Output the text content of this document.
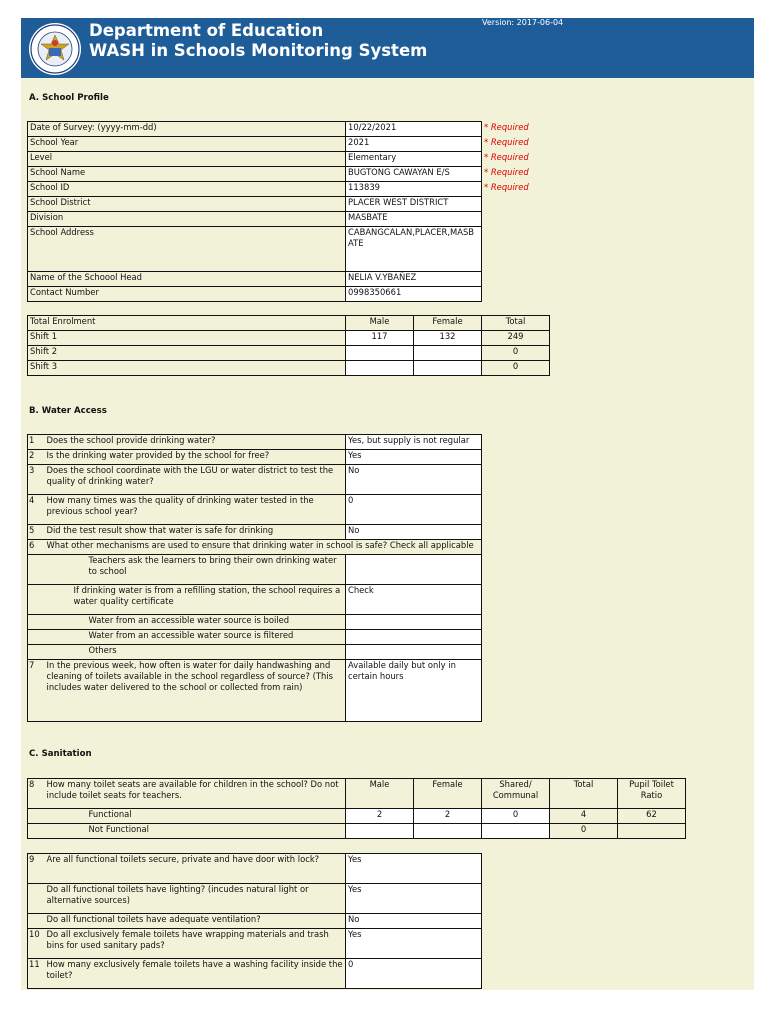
Department of Education
WASH in Schools Monitoring System
Version: 2017-06-04
A. School Profile
Date of Survey: (yyyy-mm-dd)	10/22/2021	* Required
School Year	2021	* Required
Level	Elementary	* Required
School Name	BUGTONG CAWAYAN E/S	* Required
School ID	113839	* Required
School District	PLACER WEST DISTRICT	
Division	MASBATE	
School Address	CABANGCALAN,PLACER,MASBATE	
Name of the Schoool Head	NELIA V.YBAÑEZ	
Contact Number	0998350661	
Total Enrolment	Male	Female	Total
Shift 1	117	132	249
Shift 2			0
Shift 3			0
B. Water Access
1	Does the school provide drinking water?	Yes, but supply is not regular
2	Is the drinking water provided by the school for free?	Yes
3	Does the school coordinate with the LGU or water district to test the quality of drinking water?	No
4	How many times was the quality of drinking water tested in the previous school year?	0
5	Did the test result show that water is safe for drinking	No
6	What other mechanisms are used to ensure that drinking water in school is safe? Check all applicable	
	Teachers ask the learners to bring their own drinking water to school	
	If drinking water is from a refilling station, the school requires a water quality certificate	Check
	Water from an accessible water source is boiled	
	Water from an accessible water source is filtered	
	Others	
7	In the previous week, how often is water for daily handwashing and cleaning of toilets available in the school regardless of source? (This includes water delivered to the school or collected from rain)	Available daily but only in certain hours
C. Sanitation
8	How many toilet seats are available for children in the school? Do not include toilet seats for teachers.	Male	Female	Shared/ Communal	Total	Pupil Toilet Ratio
	Functional	2	2	0	4	62
	Not Functional				0	
9	Are all functional toilets secure, private and have door with lock?	Yes
	Do all functional toilets have lighting? (incudes natural light or alternative sources)	Yes
	Do all functional toilets have adequate ventilation?	No
10	Do all exclusively female toilets have wrapping materials and trash bins for used sanitary pads?	Yes
11	How many exclusively female toilets have a washing facility inside the toilet?	0
